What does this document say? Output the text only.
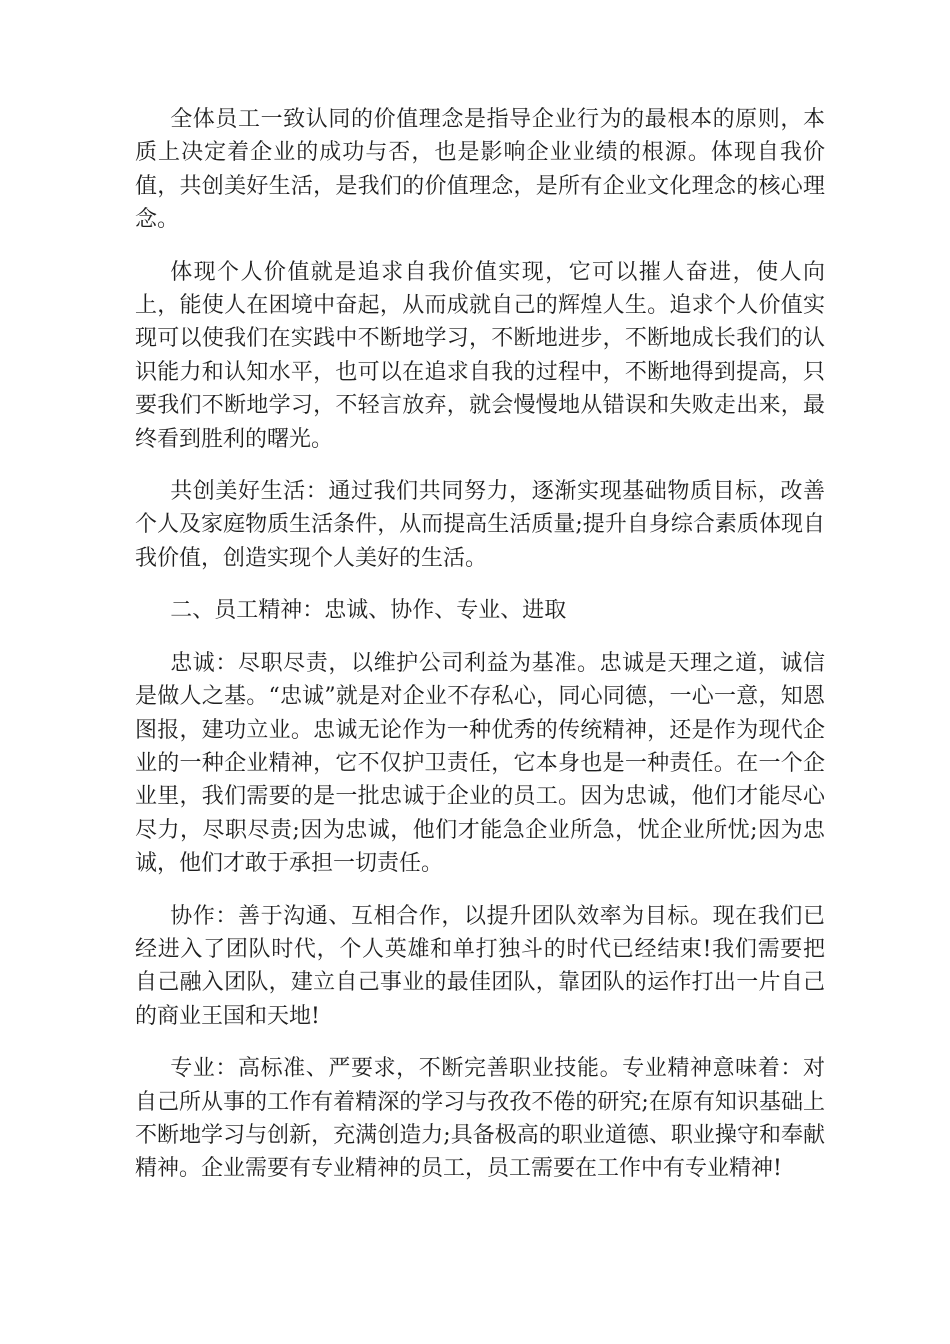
全体员工一致认同的价值理念是指导企业行为的最根本的原则，本质上决定着企业的成功与否，也是影响企业业绩的根源。体现自我价值，共创美好生活，是我们的价值理念，是所有企业文化理念的核心理念。

体现个人价值就是追求自我价值实现，它可以摧人奋进，使人向上，能使人在困境中奋起，从而成就自己的辉煌人生。追求个人价值实现可以使我们在实践中不断地学习，不断地进步，不断地成长我们的认识能力和认知水平，也可以在追求自我的过程中，不断地得到提高，只要我们不断地学习，不轻言放弃，就会慢慢地从错误和失败走出来，最终看到胜利的曙光。

共创美好生活：通过我们共同努力，逐渐实现基础物质目标，改善个人及家庭物质生活条件，从而提高生活质量;提升自身综合素质体现自我价值，创造实现个人美好的生活。

二、员工精神：忠诚、协作、专业、进取

忠诚：尽职尽责，以维护公司利益为基准。忠诚是天理之道，诚信是做人之基。“忠诚”就是对企业不存私心，同心同德，一心一意，知恩图报，建功立业。忠诚无论作为一种优秀的传统精神，还是作为现代企业的一种企业精神，它不仅护卫责任，它本身也是一种责任。在一个企业里，我们需要的是一批忠诚于企业的员工。因为忠诚，他们才能尽心尽力，尽职尽责;因为忠诚，他们才能急企业所急，忧企业所忧;因为忠诚，他们才敢于承担一切责任。

协作：善于沟通、互相合作，以提升团队效率为目标。现在我们已经进入了团队时代，个人英雄和单打独斗的时代已经结束!我们需要把自己融入团队，建立自己事业的最佳团队，靠团队的运作打出一片自己的商业王国和天地!

专业：高标准、严要求，不断完善职业技能。专业精神意味着：对自己所从事的工作有着精深的学习与孜孜不倦的研究;在原有知识基础上不断地学习与创新，充满创造力;具备极高的职业道德、职业操守和奉献精神。企业需要有专业精神的员工，员工需要在工作中有专业精神!
